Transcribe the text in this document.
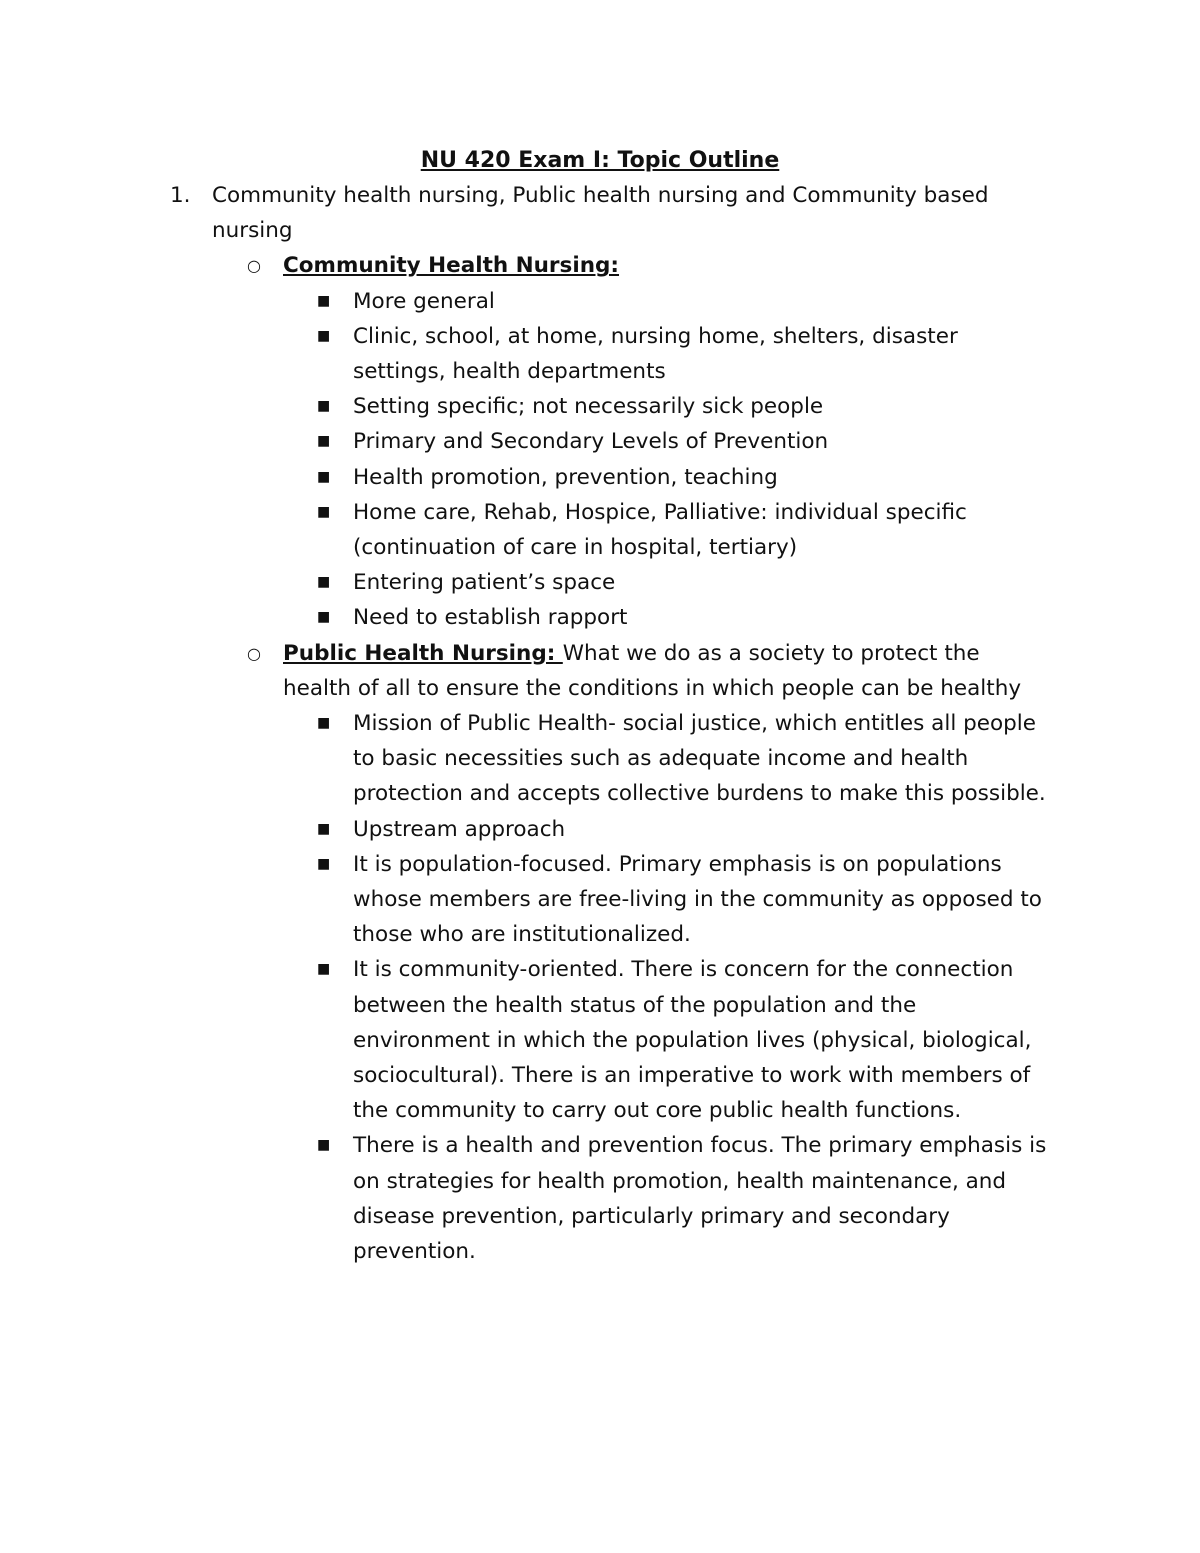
NU 420 Exam I: Topic Outline
1. Community health nursing, Public health nursing and Community based nursing
○ Community Health Nursing:
■ More general
■ Clinic, school, at home, nursing home, shelters, disaster settings, health departments
■ Setting specific; not necessarily sick people
■ Primary and Secondary Levels of Prevention
■ Health promotion, prevention, teaching
■ Home care, Rehab, Hospice, Palliative: individual specific (continuation of care in hospital, tertiary)
■ Entering patient’s space
■ Need to establish rapport
○ Public Health Nursing: What we do as a society to protect the health of all to ensure the conditions in which people can be healthy
■ Mission of Public Health- social justice, which entitles all people to basic necessities such as adequate income and health protection and accepts collective burdens to make this possible.
■ Upstream approach
■ It is population-focused. Primary emphasis is on populations whose members are free-living in the community as opposed to those who are institutionalized.
■ It is community-oriented. There is concern for the connection between the health status of the population and the environment in which the population lives (physical, biological, sociocultural). There is an imperative to work with members of the community to carry out core public health functions.
■ There is a health and prevention focus. The primary emphasis is on strategies for health promotion, health maintenance, and disease prevention, particularly primary and secondary prevention.
